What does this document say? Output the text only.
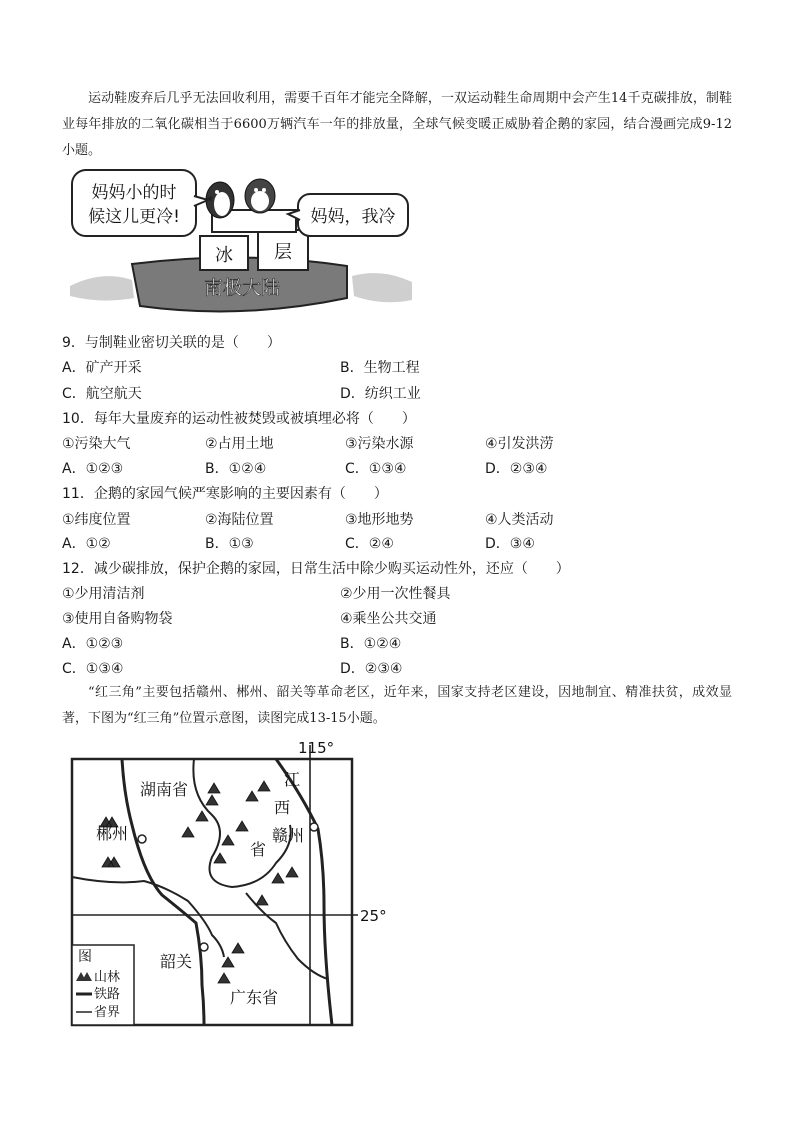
运动鞋废弃后几乎无法回收利用，需要千百年才能完全降解，一双运动鞋生命周期中会产生14千克碳排放，制鞋业每年排放的二氧化碳相当于6600万辆汽车一年的排放量，全球气候变暖正威胁着企鹅的家园，结合漫画完成9-12小题。

妈妈小的时
候这儿更冷!	妈妈，我冷
冰 层
南极大陆

9．与制鞋业密切关联的是（　　）

A．矿产开采	B．生物工程

C．航空航天	D．纺织工业

10．每年大量废弃的运动性被焚毁或被填埋必将（　　）

①污染大气	②占用土地	③污染水源	④引发洪涝

A．①②③	B．①②④	C．①③④	D．②③④

11．企鹅的家园气候严寒影响的主要因素有（　　）

①纬度位置	②海陆位置	③地形地势	④人类活动

A．①②	B．①③	C．②④	D．③④

12．减少碳排放，保护企鹅的家园，日常生活中除少购买运动性外，还应（　　）

①少用清洁剂	②少用一次性餐具

③使用自备购物袋	④乘坐公共交通

A．①②③	B．①②④

C．①③④	D．②③④

“红三角”主要包括赣州、郴州、韶关等革命老区，近年来，国家支持老区建设，因地制宜、精准扶贫，成效显著，下图为“红三角”位置示意图，读图完成13-15小题。

115°
25°
湖南省
江
西
省
赣州
郴州
韶关
广东省
图
山林
铁路
省界
